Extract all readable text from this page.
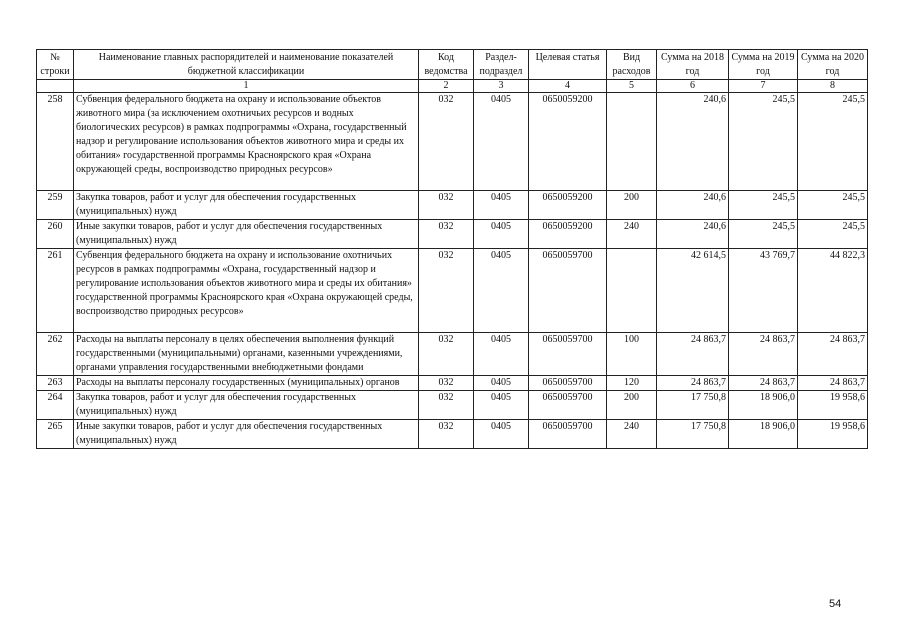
№ строки	Наименование главных распорядителей и наименование показателей бюджетной классификации	Код ведомства	Раздел-подраздел	Целевая статья	Вид расходов	Сумма на 2018 год	Сумма на 2019 год	Сумма на 2020 год
	1	2	3	4	5	6	7	8
258	Субвенция федерального бюджета на охрану и использование объектов животного мира (за исключением охотничьих ресурсов и водных биологических ресурсов) в рамках подпрограммы «Охрана, государственный надзор и регулирование использования объектов животного мира и среды их обитания» государственной программы Красноярского края «Охрана окружающей среды, воспроизводство природных ресурсов»	032	0405	0650059200		240,6	245,5	245,5
259	Закупка товаров, работ и услуг для обеспечения государственных (муниципальных) нужд	032	0405	0650059200	200	240,6	245,5	245,5
260	Иные закупки товаров, работ и услуг для обеспечения государственных (муниципальных) нужд	032	0405	0650059200	240	240,6	245,5	245,5
261	Субвенция федерального бюджета на охрану и использование охотничьих ресурсов в рамках подпрограммы «Охрана, государственный надзор и регулирование использования объектов животного мира и среды их обитания» государственной программы Красноярского края «Охрана окружающей среды, воспроизводство природных ресурсов»	032	0405	0650059700		42 614,5	43 769,7	44 822,3
262	Расходы на выплаты персоналу в целях обеспечения выполнения функций государственными (муниципальными) органами, казенными учреждениями, органами управления государственными внебюджетными фондами	032	0405	0650059700	100	24 863,7	24 863,7	24 863,7
263	Расходы на выплаты персоналу государственных (муниципальных) органов	032	0405	0650059700	120	24 863,7	24 863,7	24 863,7
264	Закупка товаров, работ и услуг для обеспечения государственных (муниципальных) нужд	032	0405	0650059700	200	17 750,8	18 906,0	19 958,6
265	Иные закупки товаров, работ и услуг для обеспечения государственных (муниципальных) нужд	032	0405	0650059700	240	17 750,8	18 906,0	19 958,6
54
